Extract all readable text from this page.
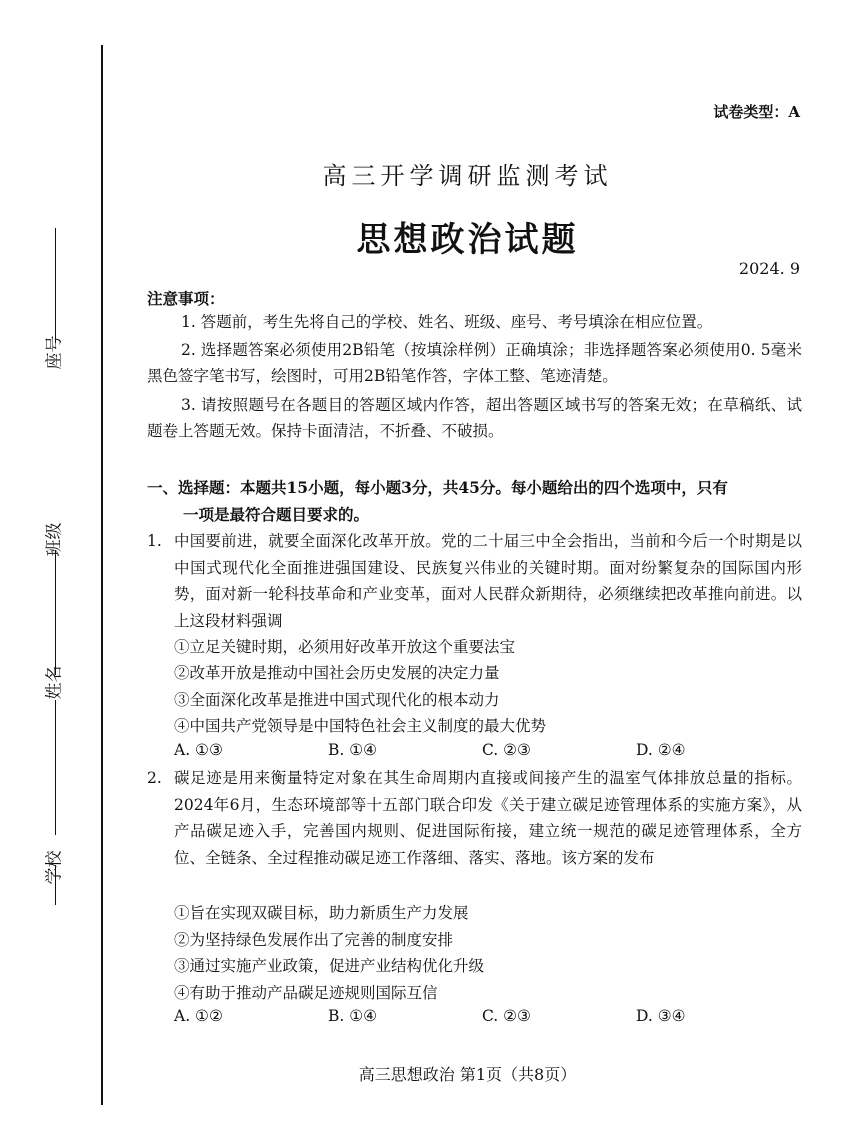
座号
班级
姓名
学校
试卷类型：A
高三开学调研监测考试
思想政治试题
2024. 9
注意事项：
1. 答题前，考生先将自己的学校、姓名、班级、座号、考号填涂在相应位置。
2. 选择题答案必须使用2B铅笔（按填涂样例）正确填涂；非选择题答案必须使用0. 5毫米黑色签字笔书写，绘图时，可用2B铅笔作答，字体工整、笔迹清楚。
3. 请按照题号在各题目的答题区域内作答，超出答题区域书写的答案无效；在草稿纸、试题卷上答题无效。保持卡面清洁，不折叠、不破损。
一、选择题：本题共15小题，每小题3分，共45分。每小题给出的四个选项中，只有
一项是最符合题目要求的。
1. 中国要前进，就要全面深化改革开放。党的二十届三中全会指出，当前和今后一个时期是以中国式现代化全面推进强国建设、民族复兴伟业的关键时期。面对纷繁复杂的国际国内形势，面对新一轮科技革命和产业变革，面对人民群众新期待，必须继续把改革推向前进。以上这段材料强调
①立足关键时期，必须用好改革开放这个重要法宝
②改革开放是推动中国社会历史发展的决定力量
③全面深化改革是推进中国式现代化的根本动力
④中国共产党领导是中国特色社会主义制度的最大优势
A. ①③	B. ①④	C. ②③	D. ②④
2. 碳足迹是用来衡量特定对象在其生命周期内直接或间接产生的温室气体排放总量的指标。2024年6月，生态环境部等十五部门联合印发《关于建立碳足迹管理体系的实施方案》，从产品碳足迹入手，完善国内规则、促进国际衔接，建立统一规范的碳足迹管理体系，全方位、全链条、全过程推动碳足迹工作落细、落实、落地。该方案的发布
①旨在实现双碳目标，助力新质生产力发展
②为坚持绿色发展作出了完善的制度安排
③通过实施产业政策，促进产业结构优化升级
④有助于推动产品碳足迹规则国际互信
A. ①②	B. ①④	C. ②③	D. ③④
高三思想政治 第1页（共8页）
